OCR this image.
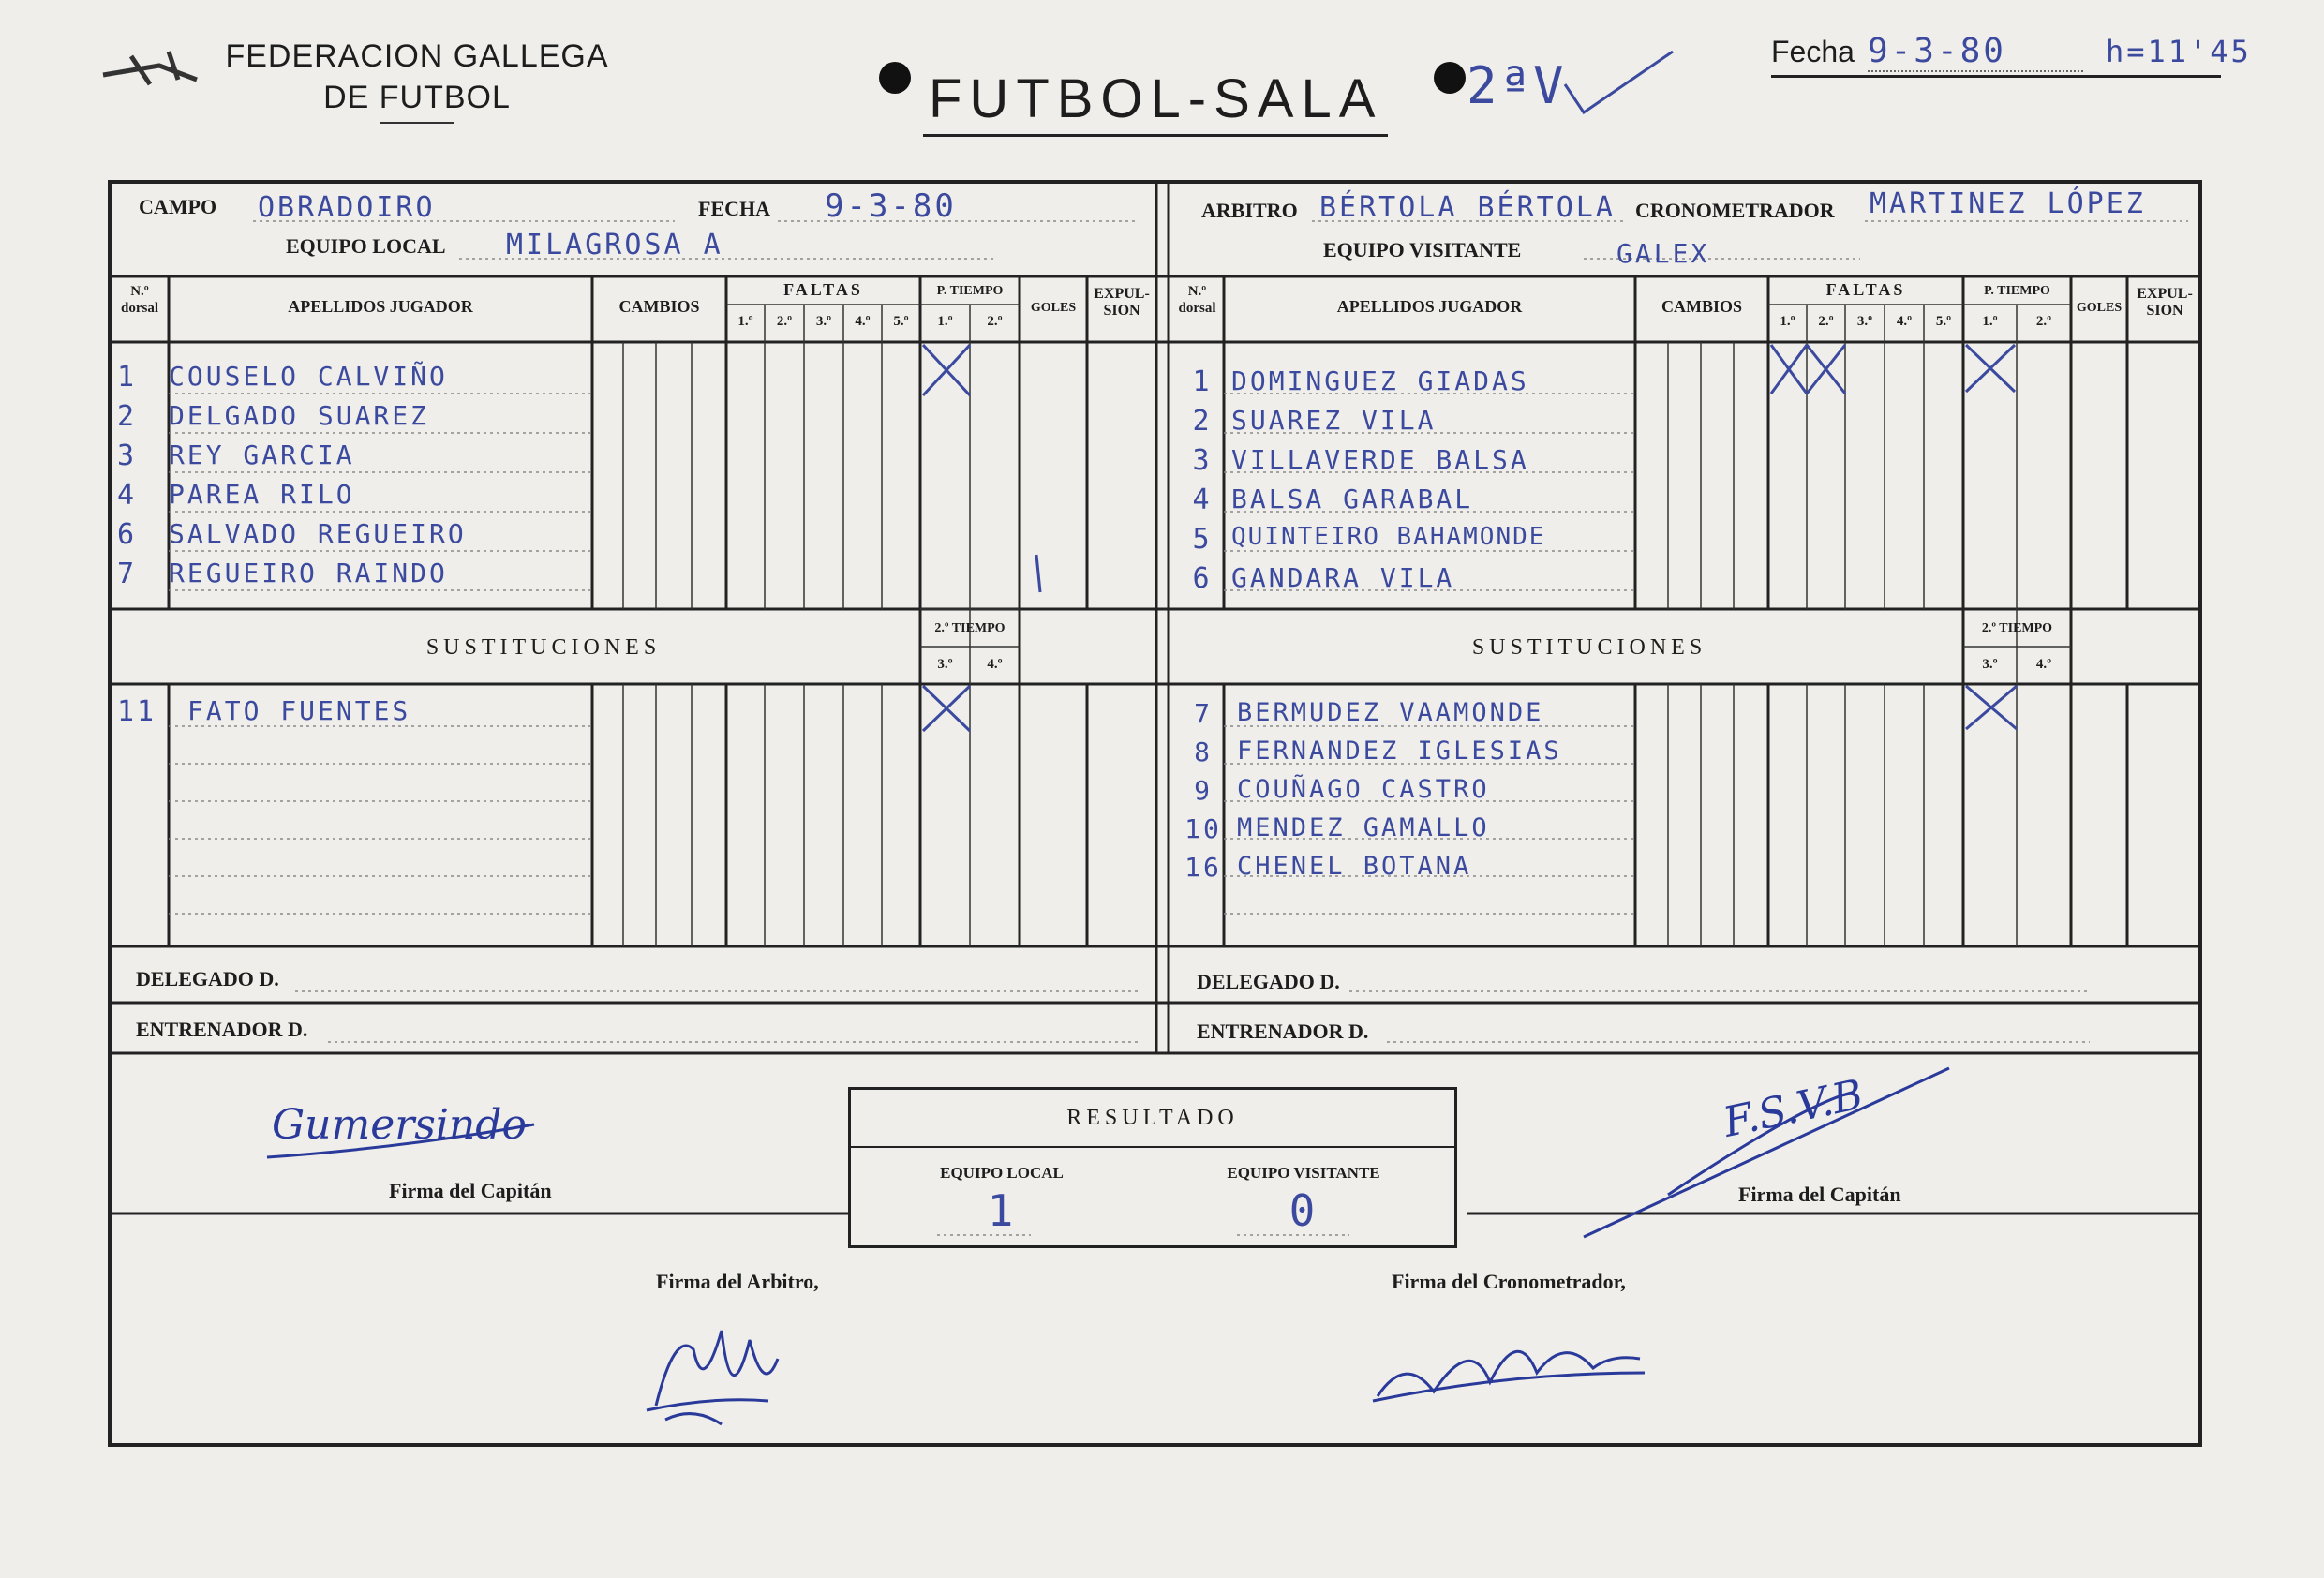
FEDERACION GALLEGA
DE FUTBOL	FUTBOL-SALA 2ªV
Fecha 9-3-80	h=11'45
CAMPO OBRADOIRO	FECHA 9-3-80
EQUIPO LOCAL MILAGROSA A
ARBITRO BÉRTOLA BÉRTOLA CRONOMETRADOR MARTINEZ LÓPEZ
EQUIPO VISITANTE	GALEX
N.º dorsal	APELLIDOS JUGADOR	CAMBIOS
FALTAS
1.º	2.º	3.º	4.º	5.º
P. TIEMPO
1.º	2.º
GOLES
EXPUL- SION
N.º dorsal	APELLIDOS JUGADOR	CAMBIOS
FALTAS
1.º	2.º	3.º	4.º	5.º
P. TIEMPO
1.º	2.º
GOLES
EXPUL- SION
1	COUSELO CALVIÑO
2	DELGADO SUAREZ
3	REY GARCIA
4	PAREA RILO
6	SALVADO REGUEIRO
7	REGUEIRO RAINDO
1 DOMINGUEZ GIADAS
2 SUAREZ VILA
3 VILLAVERDE BALSA
4 BALSA GARABAL
5 QUINTEIRO BAHAMONDE
6 GANDARA VILA
SUSTITUCIONES
2.º TIEMPO
3.º	4.º
SUSTITUCIONES
2.º TIEMPO
3.º	4.º
11	FATO FUENTES	7 BERMUDEZ VAAMONDE
8 FERNANDEZ IGLESIAS
9 COUÑAGO CASTRO
10 MENDEZ GAMALLO
16 CHENEL BOTANA
DELEGADO D.
ENTRENADOR D.
DELEGADO D.
ENTRENADOR D.
RESULTADO
EQUIPO LOCAL
1
EQUIPO VISITANTE
0
Gumersindo
Firma del Capitán
F.S.V.B
Firma del Capitán
Firma del Arbitro,	Firma del Cronometrador,
